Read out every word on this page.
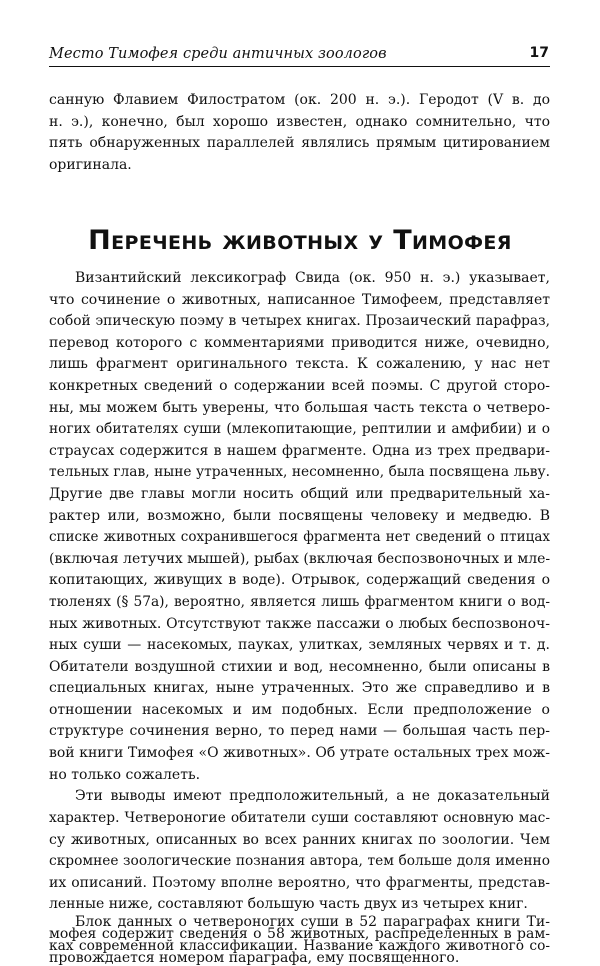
Место Тимофея среди античных зоологов	17
санную Флавием Филостратом (ок. 200 н. э.). Геродот (V в. до
н. э.), конечно, был хорошо известен, однако сомнительно, что
пять обнаруженных параллелей являлись прямым цитированием
оригинала.
Перечень животных у Тимофея
Византийский лексикограф Свида (ок. 950 н. э.) указывает,
что сочинение о животных, написанное Тимофеем, представляет
собой эпическую поэму в четырех книгах. Прозаический парафраз,
перевод которого с комментариями приводится ниже, очевидно,
лишь фрагмент оригинального текста. К сожалению, у нас нет
конкретных сведений о содержании всей поэмы. С другой сторо-
ны, мы можем быть уверены, что большая часть текста о четверо-
ногих обитателях суши (млекопитающие, рептилии и амфибии) и о
страусах содержится в нашем фрагменте. Одна из трех предвари-
тельных глав, ныне утраченных, несомненно, была посвящена льву.
Другие две главы могли носить общий или предварительный ха-
рактер или, возможно, были посвящены человеку и медведю. В
списке животных сохранившегося фрагмента нет сведений о птицах
(включая летучих мышей), рыбах (включая беспозвоночных и мле-
копитающих, живущих в воде). Отрывок, содержащий сведения о
тюленях (§ 57а), вероятно, является лишь фрагментом книги о вод-
ных животных. Отсутствуют также пассажи о любых беспозвоноч-
ных суши — насекомых, пауках, улитках, земляных червях и т. д.
Обитатели воздушной стихии и вод, несомненно, были описаны в
специальных книгах, ныне утраченных. Это же справедливо и в
отношении насекомых и им подобных. Если предположение о
структуре сочинения верно, то перед нами — большая часть пер-
вой книги Тимофея «О животных». Об утрате остальных трех мож-
но только сожалеть.
Эти выводы имеют предположительный, а не доказательный
характер. Четвероногие обитатели суши составляют основную мас-
су животных, описанных во всех ранних книгах по зоологии. Чем
скромнее зоологические познания автора, тем больше доля именно
их описаний. Поэтому вполне вероятно, что фрагменты, представ-
ленные ниже, составляют большую часть двух из четырех книг.
Блок данных о четвероногих суши в 52 параграфах книги Ти-
мофея содержит сведения о 58 животных, распределенных в рам-
ках современной классификации. Название каждого животного со-
провождается номером параграфа, ему посвященного.
